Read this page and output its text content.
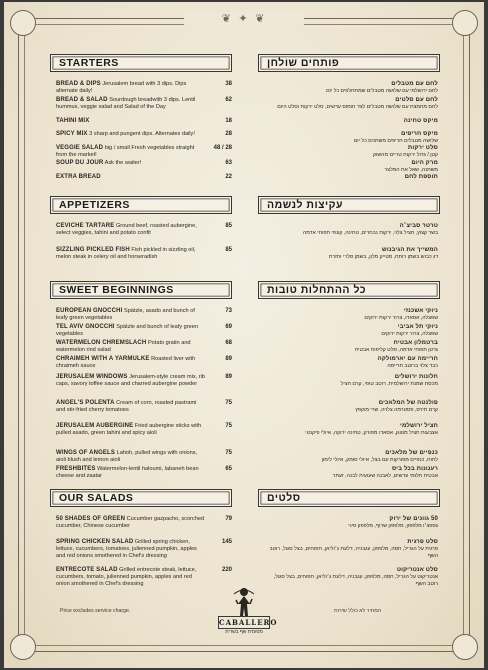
❦ ✦ ❦
STARTERS
APPETIZERS
SWEET
BEGINNINGS
OUR SALADS
פותחים שולחן
עקיצות לנשמה
כל ההתחלות טובות
סלטים
BREAD & DIPS Jerusalem bread with 3 dips. Dips alternate daily!
38	לחם עם מטבלים
לחם ירושלמי עם שלושה מטבלים שמתחלפים כל יום
BREAD & SALAD Sourdough breadwith 3 dips. Lentil hummus, veggie salad and Salad of the Day
62	לחם עם סלטים
לחם מחמצת עם שלושה מטבלים לצד חומוס עדשים, סלט ירקות וסלט היום
TAHINI MIX	18	מיקס טחינה
SPICY MIX 3 sharp and pungent dips. Alternates daily!	28	מיקס חריפים
שלושה מטבלים חריפים משתנים כל יום
VEGGIE SALAD big / small Fresh vegetables straight from the market!
48 / 28	סלט ירקות
קטן / גדול ירקות טריים מהשוק
SOUP DU JOUR Ask the waiter!	63	מרק היום
משתנה, שאל את המלצר
EXTRA BREAD	22	תוספת לחם
CEVICHE TARTARE Ground beef, roasted aubergine, select veggies, tahini and potato confit
85	טרטר סביצ׳ה
בשר קצוץ, חציל צלוי, ירקות נבחרים, טחינה, קונפי תפוחי אדמה
SIZZLING PICKLED FISH Fish pickled in sizzling oil, melon steak in celery oil and horseradish
85	המשייך את הגיבנוש
דג כבוש בשמן רותח, סטייק מלון, בשמן סלרי וחזרת
EUROPEAN GNOCCHI Spätzle, asado and bunch of leafy green vegetables
73	ניוקי אשכנזי
שפצלה, אסאדו, צרור ירקות ירוקים
TEL AVIV GNOCCHI Spätzle and bunch of leafy green vegetables
69	ניוקי תל אביבי
שפצלה, צרור ירקות ירוקים
WATERMELON CHREMSLACH Potato gratin and watermelon rind salad
68	ברטמלון אבטיח
גרטן תפוחי אדמה, סלט קליפות אבטיח
CHRAIMEH WITH A YARMULKE Roasted liver with chraimeh sauce
89	חריימה עם יארמולקה
כבד צלוי ברוטב חריימה
JERUSALEM WINDOWS Jerusalem-style cream mix, rib caps, savory toffee sauce and charred aubergine powder
89	חלונות ירושלים
מכסת שמנת ירושלמית, רוטב טופי, קרם חציל
ANGEL'S POLENTA Cream of corn, roasted pastrami and stir-fried cherry tomatoes
75	פולנטה של המלאכים
קרם תירס, פסטרמה צלויה, שרי מוקפץ
JERUSALEM AUBERGINE Fried aubergine sticks with pulled asado, green tahini and spicy aioli
75	חציל ירושלמי
אצבעות חציל מטוגן, אסאדו מפורק, טחינה ירוקה, איולי פיקנטי
WINGS OF ANGELS Lahoh, pulled wings with onions, aioli blush and lemon aioli
75	כנפיים של מלאכים
לחוח, כנפיים מפורקות עם בצל, איולי סומק, איולי לימון
FRESHBITES Watermelon-lentil haloumi, labaneh bean cheese and zaatar
65	רענונות בכל ביס
אבטיח חלומי עדשים, לאבנה שעועית לבנה, זעתר
50 SHADES OF GREEN Cucumber gazpacho, scorched cucumber, Chinese cucumber
79	50 גוונים של ירוק
גספצ׳ו מלפפון, מלפפון שרוף, מלפפון סיני
SPRING CHICKEN SALAD Grilled spring chicken, lettuce, cucumbers, tomatoes, julienned pumpkin, apples and red onions smothered in Chef's dressing
145	סלט פרגית
פרגית על הגריל, חסה, מלפפון, עגבניה, דלעת ג׳וליאן, תפוחים, בצל סגול, רוטב השף
ENTRECOTE SALAD Grilled entrecote steak, lettuce, cucumbers, tomato, julienned pumpkin, apples and red onion smothered in Chef's dressing
220	סלט אנטריקוט
אנטריקוט על הגריל, חסה, מלפפון, עגבניה, דלעת ג׳וליאן, תפוחים, בצל סגול, רוטב השף
Price excludes service charge.	המחיר לא כולל שירות
CABALLERO
מסעדת שף בשרית
